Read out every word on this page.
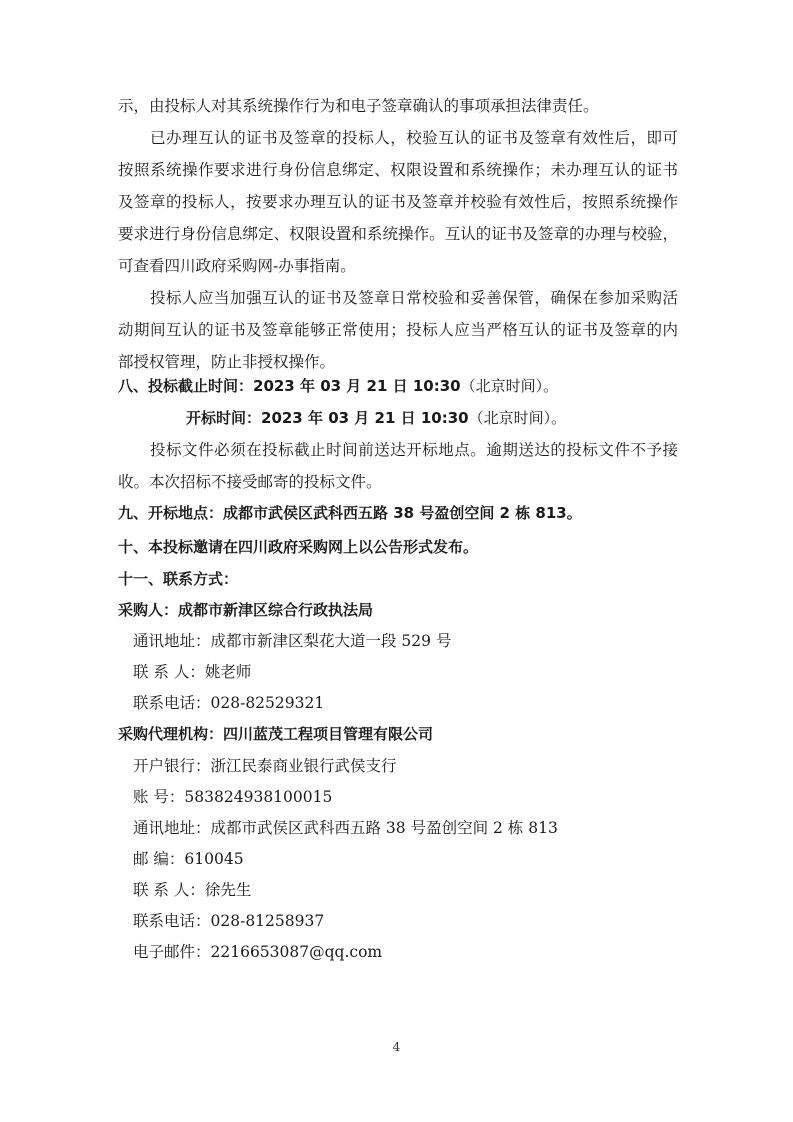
示，由投标人对其系统操作行为和电子签章确认的事项承担法律责任。
已办理互认的证书及签章的投标人，校验互认的证书及签章有效性后，即可
按照系统操作要求进行身份信息绑定、权限设置和系统操作；未办理互认的证书
及签章的投标人，按要求办理互认的证书及签章并校验有效性后，按照系统操作
要求进行身份信息绑定、权限设置和系统操作。互认的证书及签章的办理与校验，
可查看四川政府采购网-办事指南。
投标人应当加强互认的证书及签章日常校验和妥善保管，确保在参加采购活
动期间互认的证书及签章能够正常使用；投标人应当严格互认的证书及签章的内
部授权管理，防止非授权操作。
八、投标截止时间：2023 年 03 月 21 日 10:30（北京时间）。
开标时间：2023 年 03 月 21 日 10:30（北京时间）。
投标文件必须在投标截止时间前送达开标地点。逾期送达的投标文件不予接
收。本次招标不接受邮寄的投标文件。
九、开标地点：成都市武侯区武科西五路 38 号盈创空间 2 栋 813。
十、本投标邀请在四川政府采购网上以公告形式发布。
十一、联系方式：
采购人：成都市新津区综合行政执法局
通讯地址：成都市新津区梨花大道一段 529 号
联 系 人：姚老师
联系电话：028-82529321
采购代理机构：四川蓝茂工程项目管理有限公司
开户银行：浙江民泰商业银行武侯支行
账 号：583824938100015
通讯地址：成都市武侯区武科西五路 38 号盈创空间 2 栋 813
邮 编：610045
联 系 人：徐先生
联系电话：028-81258937
电子邮件：2216653087@qq.com
4
